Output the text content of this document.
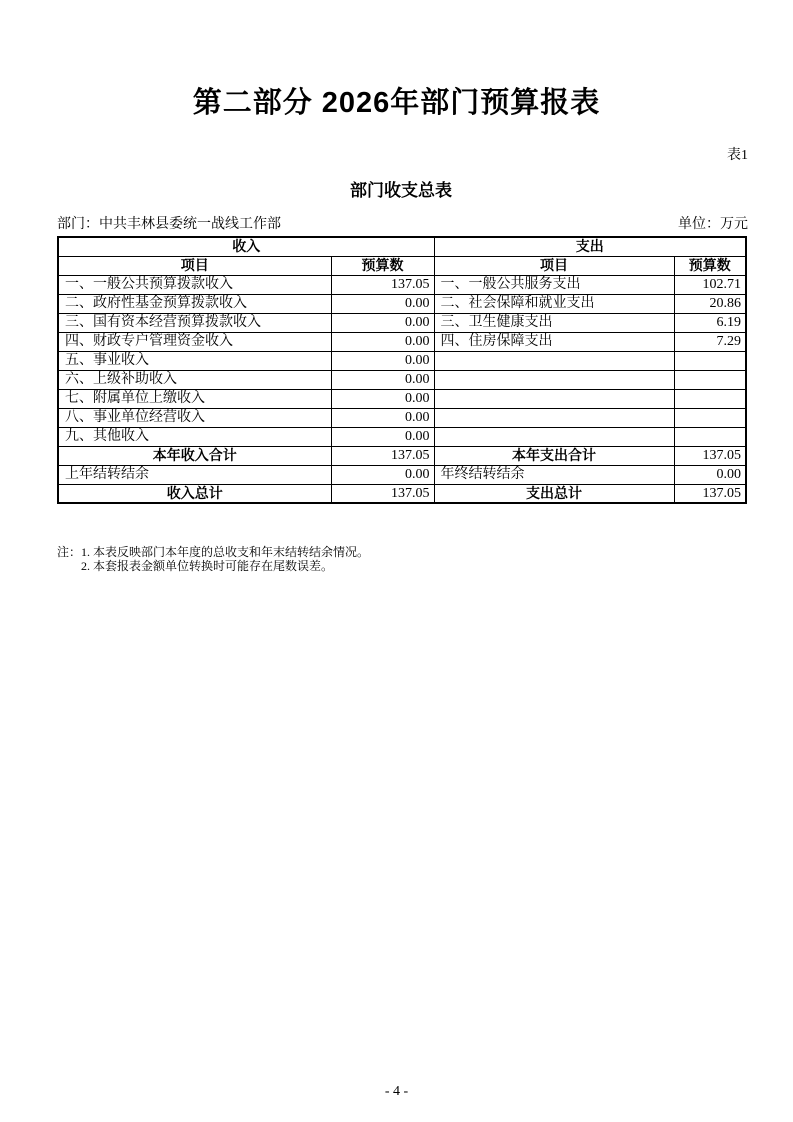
第二部分 2026年部门预算报表
表1
部门收支总表
部门：中共丰林县委统一战线工作部	单位：万元
收入		支出	
项目	预算数	项目	预算数
一、一般公共预算拨款收入	137.05	一、一般公共服务支出	102.71
二、政府性基金预算拨款收入	0.00	二、社会保障和就业支出	20.86
三、国有资本经营预算拨款收入	0.00	三、卫生健康支出	6.19
四、财政专户管理资金收入	0.00	四、住房保障支出	7.29
五、事业收入	0.00		
六、上级补助收入	0.00		
七、附属单位上缴收入	0.00		
八、事业单位经营收入	0.00		
九、其他收入	0.00		
本年收入合计	137.05	本年支出合计	137.05
上年结转结余	0.00	年终结转结余	0.00
收入总计	137.05	支出总计	137.05
注： 1. 本表反映部门本年度的总收支和年末结转结余情况。
2. 本套报表金额单位转换时可能存在尾数误差。
- 4 -
